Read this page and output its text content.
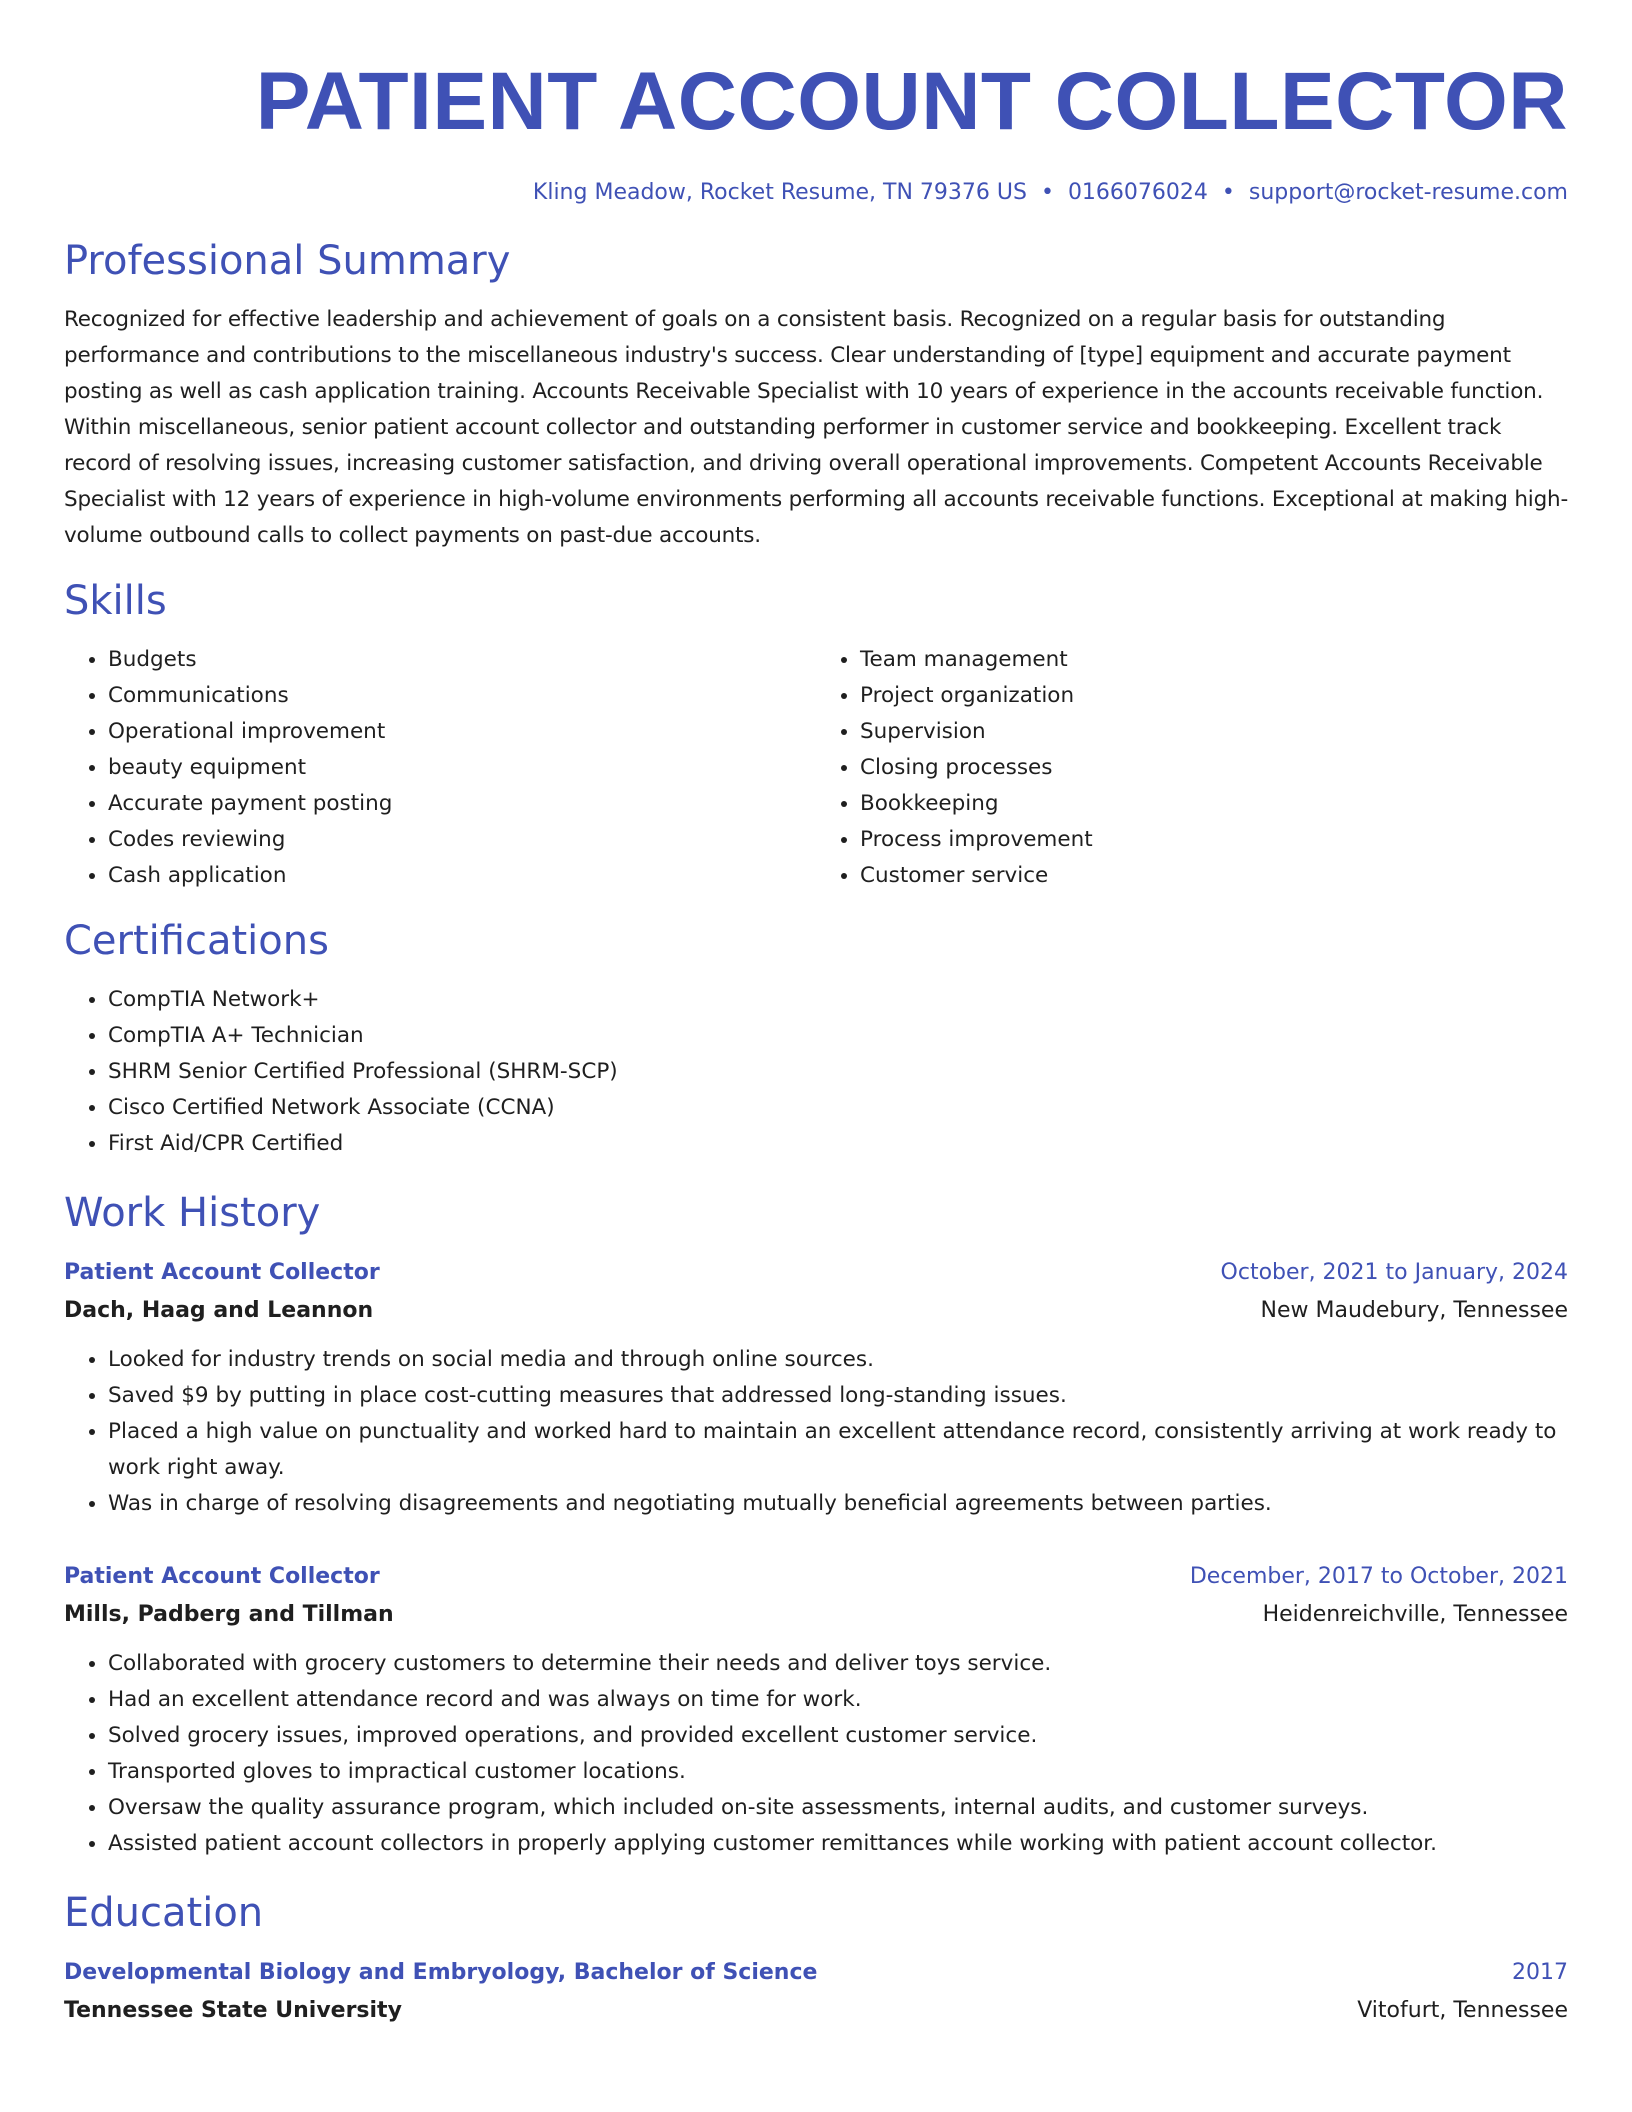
PATIENT ACCOUNT COLLECTOR
Kling Meadow, Rocket Resume, TN 79376 US • 0166076024 • support@rocket-resume.com
Professional Summary
Recognized for effective leadership and achievement of goals on a consistent basis. Recognized on a regular basis for outstanding performance and contributions to the miscellaneous industry's success. Clear understanding of [type] equipment and accurate payment posting as well as cash application training. Accounts Receivable Specialist with 10 years of experience in the accounts receivable function. Within miscellaneous, senior patient account collector and outstanding performer in customer service and bookkeeping. Excellent track record of resolving issues, increasing customer satisfaction, and driving overall operational improvements. Competent Accounts Receivable Specialist with 12 years of experience in high-volume environments performing all accounts receivable functions. Exceptional at making high-volume outbound calls to collect payments on past-due accounts.
Skills
• Budgets
• Communications
• Operational improvement
• beauty equipment
• Accurate payment posting
• Codes reviewing
• Cash application
• Team management
• Project organization
• Supervision
• Closing processes
• Bookkeeping
• Process improvement
• Customer service
Certifications
• CompTIA Network+
• CompTIA A+ Technician
• SHRM Senior Certified Professional (SHRM-SCP)
• Cisco Certified Network Associate (CCNA)
• First Aid/CPR Certified
Work History
Patient Account Collector	October, 2021 to January, 2024
Dach, Haag and Leannon	New Maudebury, Tennessee
• Looked for industry trends on social media and through online sources.
• Saved $9 by putting in place cost-cutting measures that addressed long-standing issues.
• Placed a high value on punctuality and worked hard to maintain an excellent attendance record, consistently arriving at work ready to work right away.
• Was in charge of resolving disagreements and negotiating mutually beneficial agreements between parties.
Patient Account Collector	December, 2017 to October, 2021
Mills, Padberg and Tillman	Heidenreichville, Tennessee
• Collaborated with grocery customers to determine their needs and deliver toys service.
• Had an excellent attendance record and was always on time for work.
• Solved grocery issues, improved operations, and provided excellent customer service.
• Transported gloves to impractical customer locations.
• Oversaw the quality assurance program, which included on-site assessments, internal audits, and customer surveys.
• Assisted patient account collectors in properly applying customer remittances while working with patient account collector.
Education
Developmental Biology and Embryology, Bachelor of Science	2017
Tennessee State University	Vitofurt, Tennessee
